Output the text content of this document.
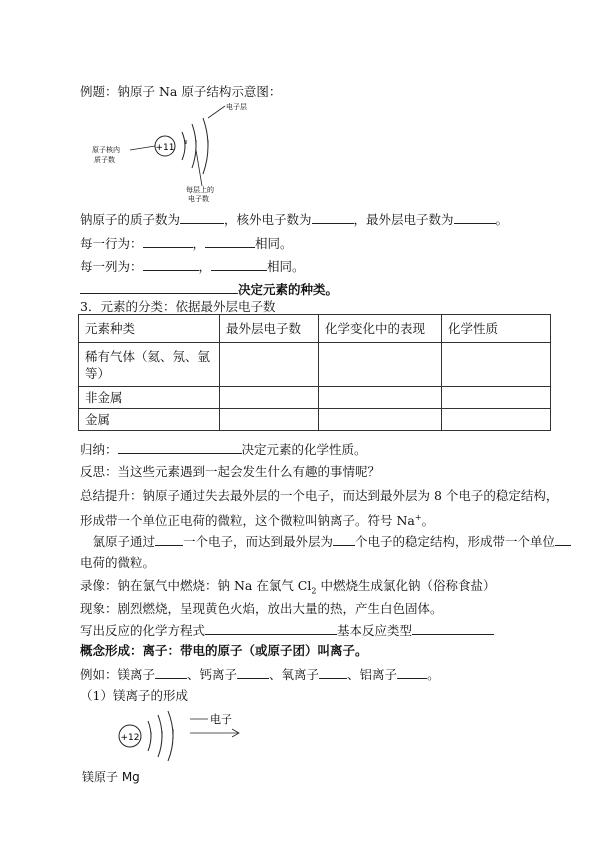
例题：钠原子 Na 原子结构示意图：
+11
电子层
原子核内
质子数
每层上的
电子数
钠原子的质子数为	，核外电子数为	，最外层电子数为	。
每一行为：	，	相同。
每一列为：	，	相同。
决定元素的种类。
3．元素的分类：依据最外层电子数
元素种类	最外层电子数	化学变化中的表现	化学性质
稀有气体（氦、氖、氩
等）			
非金属			
金属			
归纳：	决定元素的化学性质。
反思：当这些元素遇到一起会发生什么有趣的事情呢？
总结提升：钠原子通过失去最外层的一个电子，而达到最外层为 8 个电子的稳定结构，
形成带一个单位正电荷的微粒，这个微粒叫钠离子。符号 Na+。
 氯原子通过 一个电子，而达到最外层为 个电子的稳定结构，形成带一个单位
电荷的微粒。
录像：钠在氯气中燃烧：钠 Na 在氯气 $Cl_2$ 中燃烧生成氯化钠（俗称食盐）
现象：剧烈燃烧，呈现黄色火焰，放出大量的热，产生白色固体。
写出反应的化学方程式	基本反应类型
概念形成：离子：带电的原子（或原子团）叫离子。
例如：镁离子	、钙离子	、氧离子 、铝离子 。
（1）镁离子的形成
+12
电子
镁原子 Mg
